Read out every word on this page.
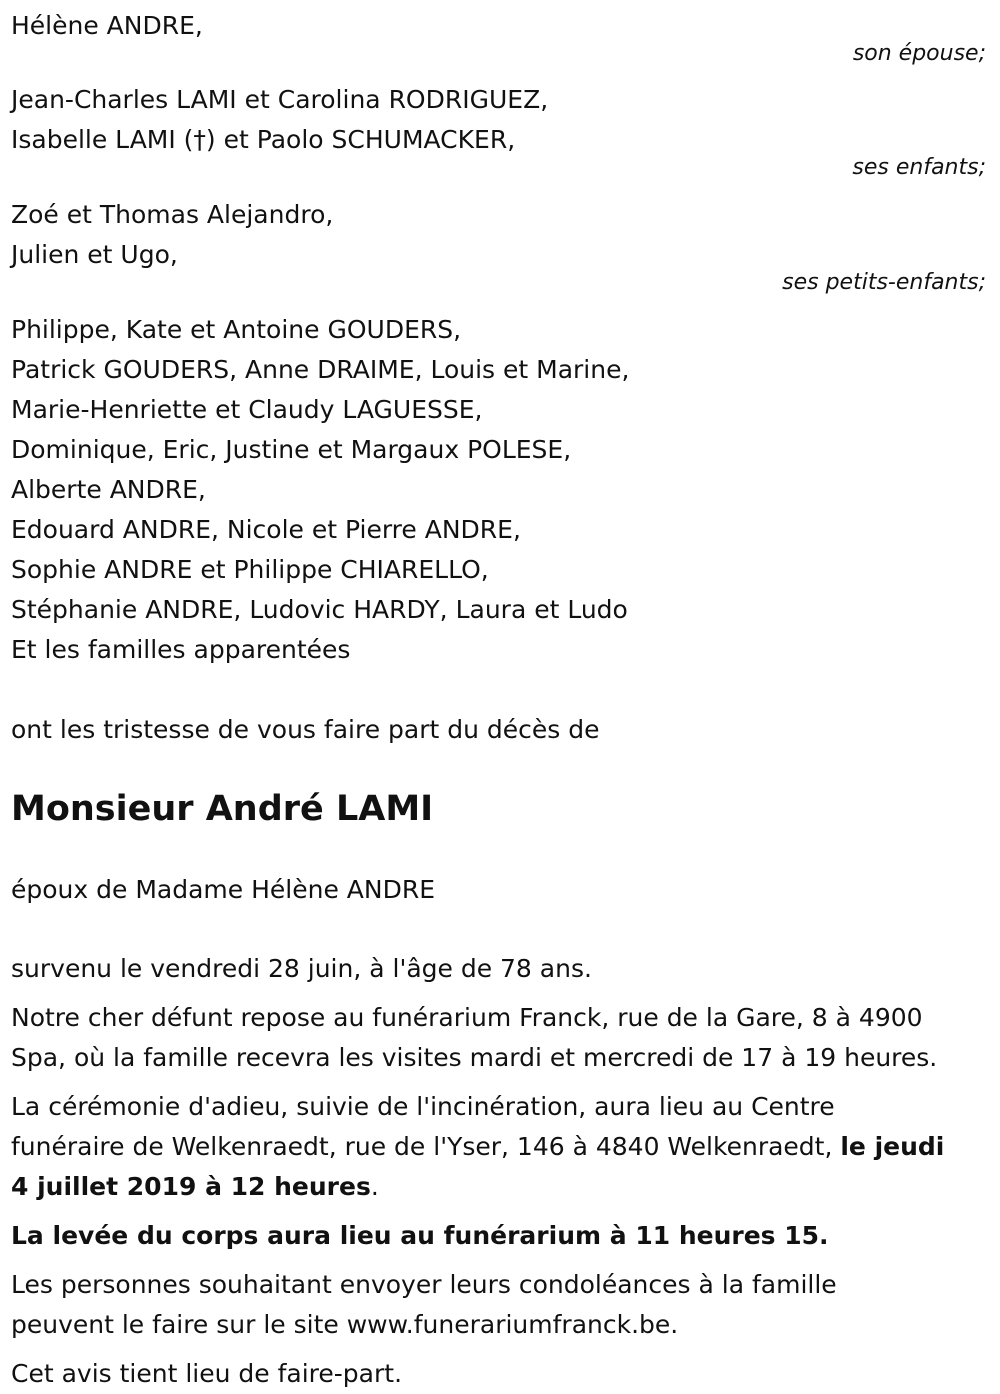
Hélène ANDRE,
son épouse;
Jean-Charles LAMI et Carolina RODRIGUEZ,
Isabelle LAMI (†) et Paolo SCHUMACKER,
ses enfants;
Zoé et Thomas Alejandro,
Julien et Ugo,
ses petits-enfants;
Philippe, Kate et Antoine GOUDERS,
Patrick GOUDERS, Anne DRAIME, Louis et Marine,
Marie-Henriette et Claudy LAGUESSE,
Dominique, Eric, Justine et Margaux POLESE,
Alberte ANDRE,
Edouard ANDRE, Nicole et Pierre ANDRE,
Sophie ANDRE et Philippe CHIARELLO,
Stéphanie ANDRE, Ludovic HARDY, Laura et Ludo
Et les familles apparentées
ont les tristesse de vous faire part du décès de
Monsieur André LAMI
époux de Madame Hélène ANDRE
survenu le vendredi 28 juin, à l'âge de 78 ans.
Notre cher défunt repose au funérarium Franck, rue de la Gare, 8 à 4900
Spa, où la famille recevra les visites mardi et mercredi de 17 à 19 heures.
La cérémonie d'adieu, suivie de l'incinération, aura lieu au Centre
funéraire de Welkenraedt, rue de l'Yser, 146 à 4840 Welkenraedt, le jeudi
4 juillet 2019 à 12 heures.
La levée du corps aura lieu au funérarium à 11 heures 15.
Les personnes souhaitant envoyer leurs condoléances à la famille
peuvent le faire sur le site www.funerariumfranck.be.
Cet avis tient lieu de faire-part.
